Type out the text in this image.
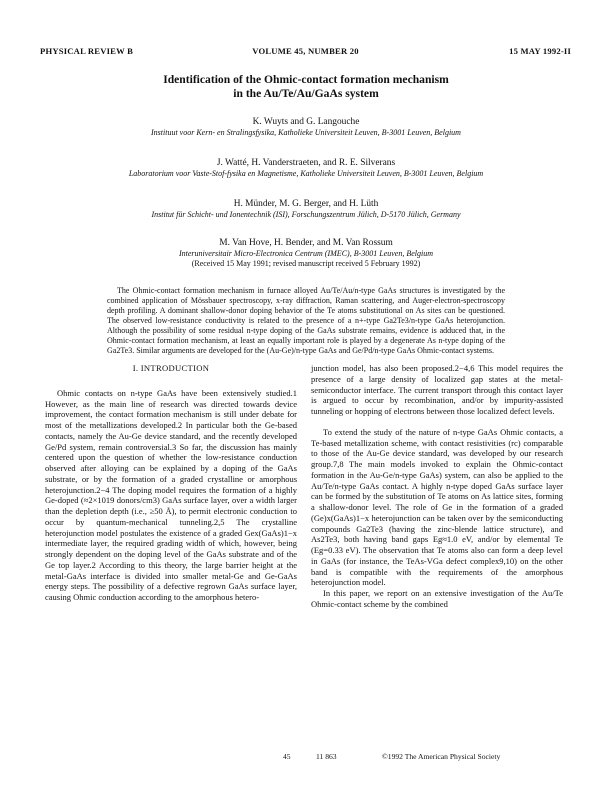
PHYSICAL REVIEW B	VOLUME 45, NUMBER 20	15 MAY 1992-II
Identification of the Ohmic-contact formation mechanism
in the Au/Te/Au/GaAs system
K. Wuyts and G. Langouche
Instituut voor Kern- en Stralingsfysika, Katholieke Universiteit Leuven, B-3001 Leuven, Belgium
J. Watté, H. Vanderstraeten, and R. E. Silverans
Laboratorium voor Vaste-Stof-fysika en Magnetisme, Katholieke Universiteit Leuven, B-3001 Leuven, Belgium
H. Münder, M. G. Berger, and H. Lüth
Institut für Schicht- und Ionentechnik (ISI), Forschungszentrum Jülich, D-5170 Jülich, Germany
M. Van Hove, H. Bender, and M. Van Rossum
Interuniversitair Micro-Electronica Centrum (IMEC), B-3001 Leuven, Belgium
(Received 15 May 1991; revised manuscript received 5 February 1992)

The Ohmic-contact formation mechanism in furnace alloyed Au/Te/Au/n-type GaAs structures is investigated by the combined application of Mössbauer spectroscopy, x-ray diffraction, Raman scattering, and Auger-electron-spectroscopy depth profiling. A dominant shallow-donor doping behavior of the Te atoms substitutional on As sites can be questioned. The observed low-resistance conductivity is related to the presence of a n+-type Ga2Te3/n-type GaAs heterojunction. Although the possibility of some residual n-type doping of the GaAs substrate remains, evidence is adduced that, in the Ohmic-contact formation mechanism, at least an equally important role is played by a degenerate As n-type doping of the Ga2Te3. Similar arguments are developed for the (Au-Ge)/n-type GaAs and Ge/Pd/n-type GaAs Ohmic-contact systems.

I. INTRODUCTION

Ohmic contacts on n-type GaAs have been extensively studied.1 However, as the main line of research was directed towards device improvement, the contact formation mechanism is still under debate for most of the metallizations developed.2 In particular both the Ge-based contacts, namely the Au-Ge device standard, and the recently developed Ge/Pd system, remain controversial.3 So far, the discussion has mainly centered upon the question of whether the low-resistance conduction observed after alloying can be explained by a doping of the GaAs substrate, or by the formation of a graded crystalline or amorphous heterojunction.2−4 The doping model requires the formation of a highly Ge-doped (≈2×1019 donors/cm3) GaAs surface layer, over a width larger than the depletion depth (i.e., ≥50 Å), to permit electronic conduction to occur by quantum-mechanical tunneling.2,5 The crystalline heterojunction model postulates the existence of a graded Gex(GaAs)1−x intermediate layer, the required grading width of which, however, being strongly dependent on the doping level of the GaAs substrate and of the Ge top layer.2 According to this theory, the large barrier height at the metal-GaAs interface is divided into smaller metal-Ge and Ge-GaAs energy steps. The possibility of a defective regrown GaAs surface layer, causing Ohmic conduction according to the amorphous hetero-

junction model, has also been proposed.2−4,6 This model requires the presence of a large density of localized gap states at the metal-semiconductor interface. The current transport through this contact layer is argued to occur by recombination, and/or by impurity-assisted tunneling or hopping of electrons between those localized defect levels.

To extend the study of the nature of n-type GaAs Ohmic contacts, a Te-based metallization scheme, with contact resistivities (rc) comparable to those of the Au-Ge device standard, was developed by our research group.7,8 The main models invoked to explain the Ohmic-contact formation in the Au-Ge/n-type GaAs) system, can also be applied to the Au/Te/n-type GaAs contact. A highly n-type doped GaAs surface layer can be formed by the substitution of Te atoms on As lattice sites, forming a shallow-donor level. The role of Ge in the formation of a graded (Ge)x(GaAs)1−x heterojunction can be taken over by the semiconducting compounds Ga2Te3 (having the zinc-blende lattice structure), and As2Te3, both having band gaps Eg≈1.0 eV, and/or by elemental Te (Eg=0.33 eV). The observation that Te atoms also can form a deep level in GaAs (for instance, the TeAs-VGa defect complex9,10) on the other band is compatible with the requirements of the amorphous heterojunction model.

In this paper, we report on an extensive investigation of the Au/Te Ohmic-contact scheme by the combined

45	11 863	©1992 The American Physical Society
